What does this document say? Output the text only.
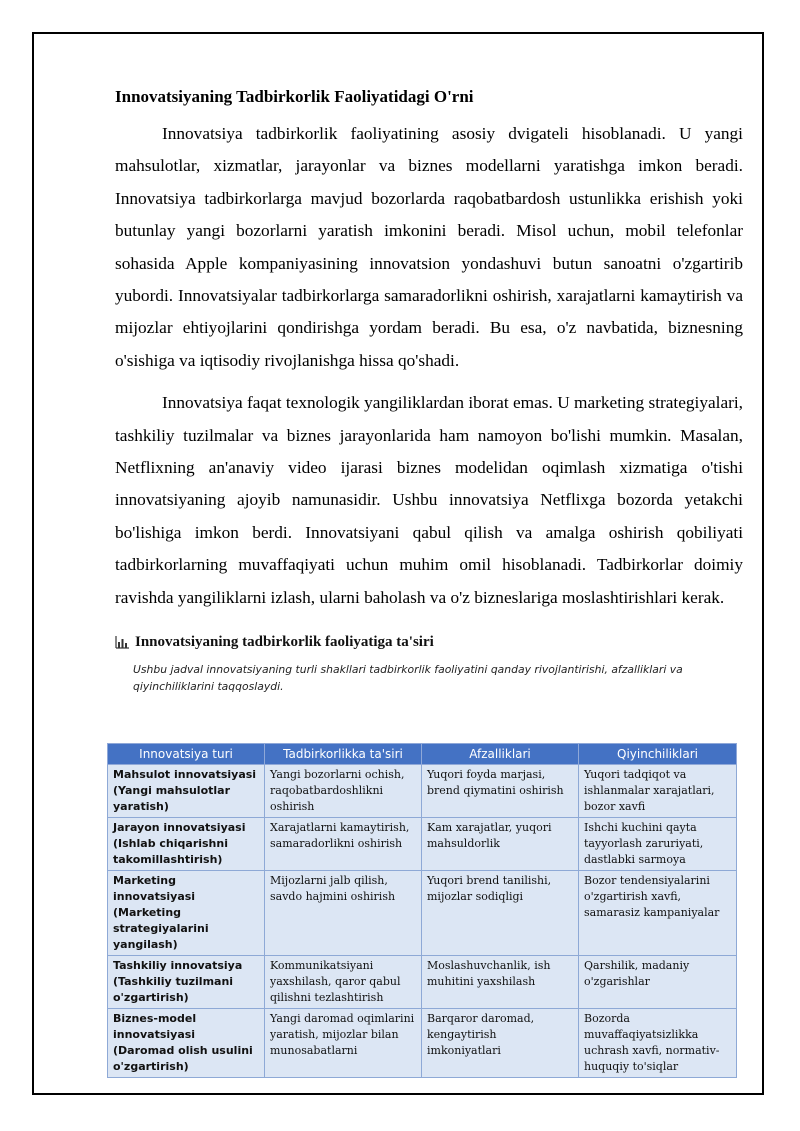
Innovatsiyaning Tadbirkorlik Faoliyatidagi O'rni

Innovatsiya tadbirkorlik faoliyatining asosiy dvigateli hisoblanadi. U yangi mahsulotlar, xizmatlar, jarayonlar va biznes modellarni yaratishga imkon beradi. Innovatsiya tadbirkorlarga mavjud bozorlarda raqobatbardosh ustunlikka erishish yoki butunlay yangi bozorlarni yaratish imkonini beradi. Misol uchun, mobil telefonlar sohasida Apple kompaniyasining innovatsion yondashuvi butun sanoatni o'zgartirib yubordi. Innovatsiyalar tadbirkorlarga samaradorlikni oshirish, xarajatlarni kamaytirish va mijozlar ehtiyojlarini qondirishga yordam beradi. Bu esa, o'z navbatida, biznesning o'sishiga va iqtisodiy rivojlanishga hissa qo'shadi.

Innovatsiya faqat texnologik yangiliklardan iborat emas. U marketing strategiyalari, tashkiliy tuzilmalar va biznes jarayonlarida ham namoyon bo'lishi mumkin. Masalan, Netflixning an'anaviy video ijarasi biznes modelidan oqimlash xizmatiga o'tishi innovatsiyaning ajoyib namunasidir. Ushbu innovatsiya Netflixga bozorda yetakchi bo'lishiga imkon berdi. Innovatsiyani qabul qilish va amalga oshirish qobiliyati tadbirkorlarning muvaffaqiyati uchun muhim omil hisoblanadi. Tadbirkorlar doimiy ravishda yangiliklarni izlash, ularni baholash va o'z bizneslariga moslashtirishlari kerak.

Innovatsiyaning tadbirkorlik faoliyatiga ta'siri
Ushbu jadval innovatsiyaning turli shakllari tadbirkorlik faoliyatini qanday rivojlantirishi, afzalliklari va qiyinchiliklarini taqqoslaydi.
Innovatsiya turi	Tadbirkorlikka ta'siri	Afzalliklari	Qiyinchiliklari
Mahsulot innovatsiyasi (Yangi mahsulotlar yaratish)	Yangi bozorlarni ochish, raqobatbardoshlikni oshirish	Yuqori foyda marjasi, brend qiymatini oshirish	Yuqori tadqiqot va ishlanmalar xarajatlari, bozor xavfi
Jarayon innovatsiyasi (Ishlab chiqarishni takomillashtirish)	Xarajatlarni kamaytirish, samaradorlikni oshirish	Kam xarajatlar, yuqori mahsuldorlik	Ishchi kuchini qayta tayyorlash zaruriyati, dastlabki sarmoya
Marketing innovatsiyasi (Marketing strategiyalarini yangilash)	Mijozlarni jalb qilish, savdo hajmini oshirish	Yuqori brend tanilishi, mijozlar sodiqligi	Bozor tendensiyalarini o'zgartirish xavfi, samarasiz kampaniyalar
Tashkiliy innovatsiya (Tashkiliy tuzilmani o'zgartirish)	Kommunikatsiyani yaxshilash, qaror qabul qilishni tezlashtirish	Moslashuvchanlik, ish muhitini yaxshilash	Qarshilik, madaniy o'zgarishlar
Biznes-model innovatsiyasi (Daromad olish usulini o'zgartirish)	Yangi daromad oqimlarini yaratish, mijozlar bilan munosabatlarni	Barqaror daromad, kengaytirish imkoniyatlari	Bozorda muvaffaqiyatsizlikka uchrash xavfi, normativ-huquqiy to'siqlar
